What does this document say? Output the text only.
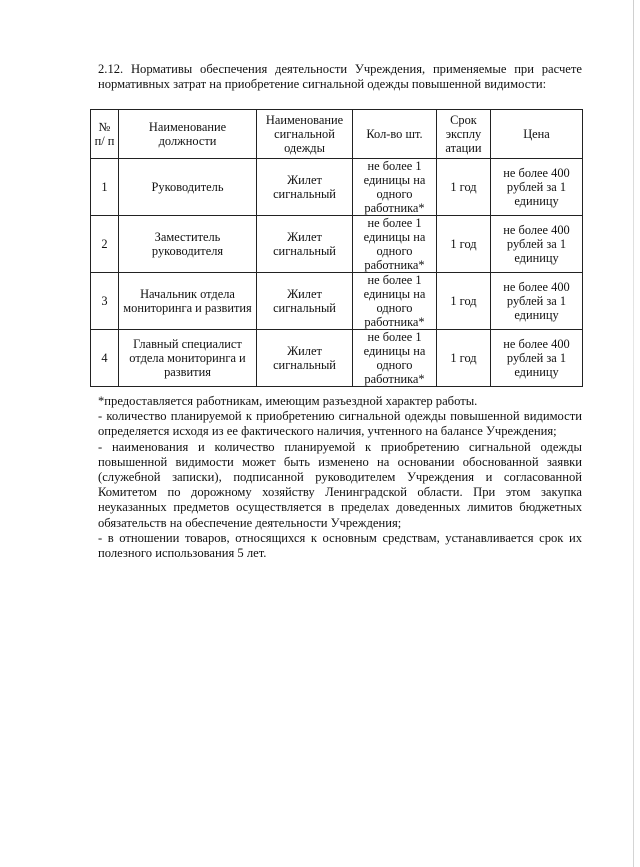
2.12. Нормативы обеспечения деятельности Учреждения, применяемые при расчете нормативных затрат на приобретение сигнальной одежды повышенной видимости:
№ п/ п	Наименование должности	Наименование сигнальной одежды	Кол-во шт.	Срок эксплу атации	Цена
1	Руководитель	Жилет сигнальный	не более 1 единицы на одного работника*	1 год	не более 400 рублей за 1 единицу
2	Заместитель руководителя	Жилет сигнальный	не более 1 единицы на одного работника*	1 год	не более 400 рублей за 1 единицу
3	Начальник отдела мониторинга и развития	Жилет сигнальный	не более 1 единицы на одного работника*	1 год	не более 400 рублей за 1 единицу
4	Главный специалист отдела мониторинга и развития	Жилет сигнальный	не более 1 единицы на одного работника*	1 год	не более 400 рублей за 1 единицу

*предоставляется работникам, имеющим разъездной характер работы.

- количество планируемой к приобретению сигнальной одежды повышенной видимости определяется исходя из ее фактического наличия, учтенного на балансе Учреждения;

- наименования и количество планируемой к приобретению сигнальной одежды повышенной видимости может быть изменено на основании обоснованной заявки (служебной записки), подписанной руководителем Учреждения и согласованной Комитетом по дорожному хозяйству Ленинградской области. При этом закупка неуказанных предметов осуществляется в пределах доведенных лимитов бюджетных обязательств на обеспечение деятельности Учреждения;

- в отношении товаров, относящихся к основным средствам, устанавливается срок их полезного использования 5 лет.
